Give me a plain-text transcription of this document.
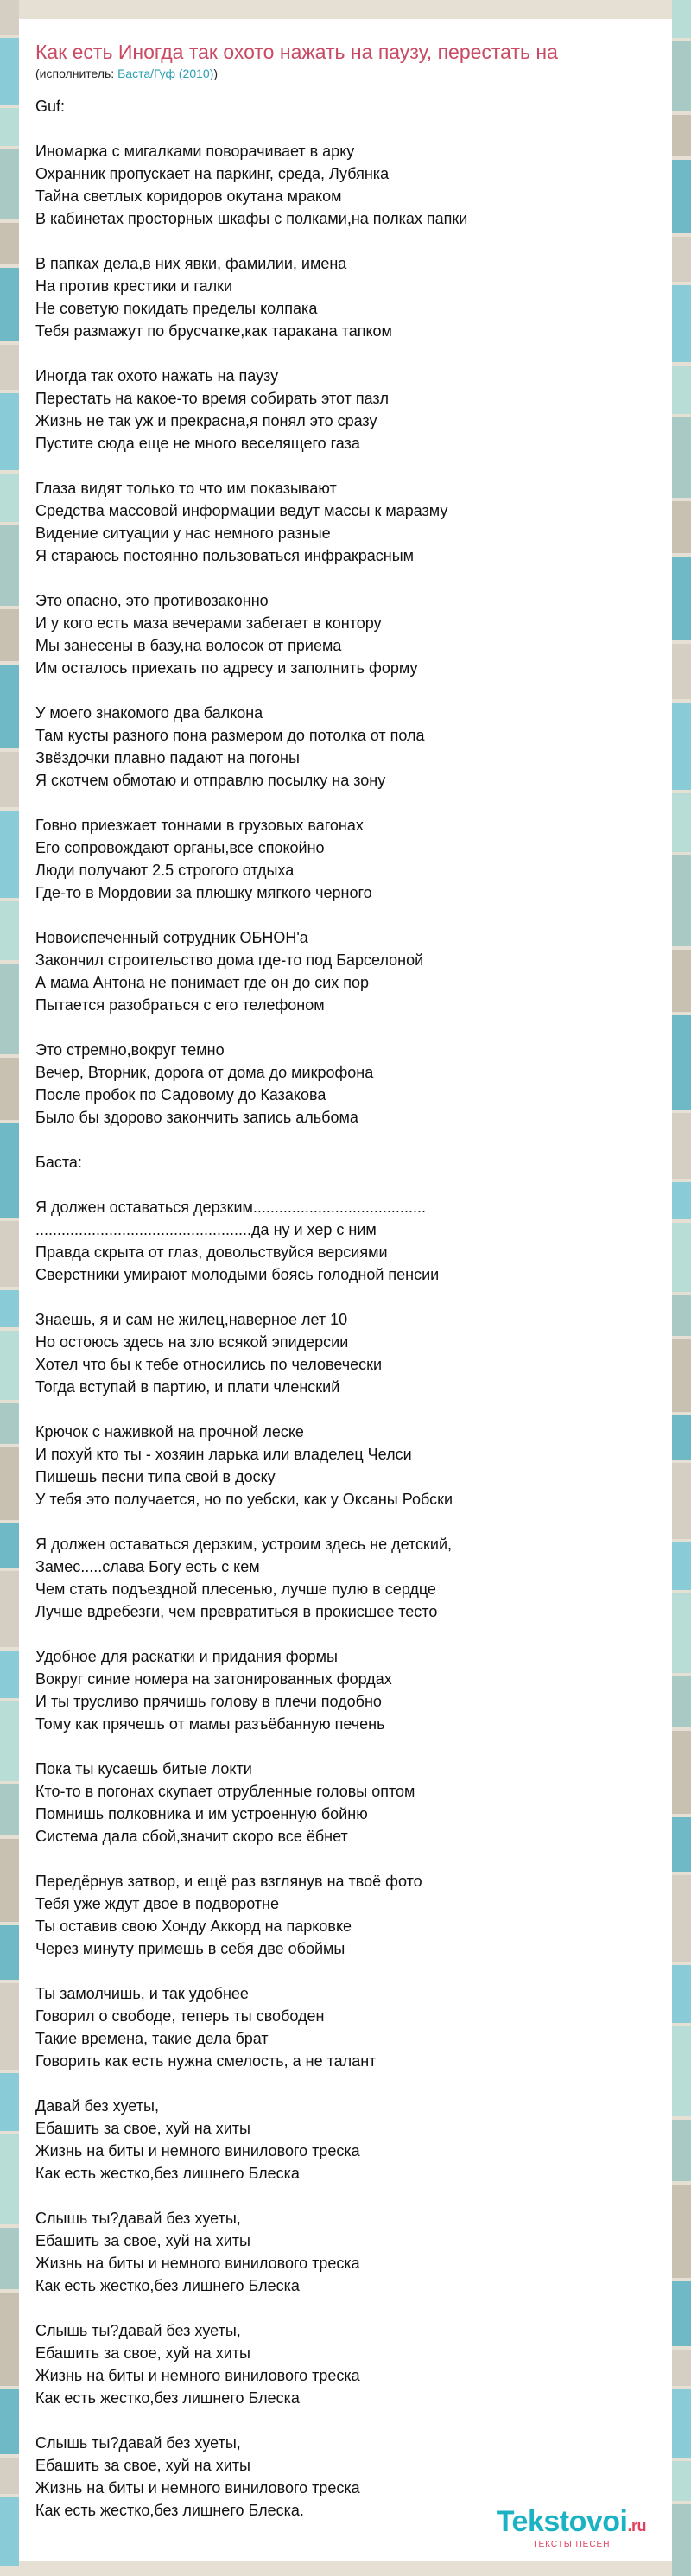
Как есть Иногда так охото нажать на паузу, перестать на
(исполнитель: Баста/Гуф (2010))
Guf:
Иномарка с мигалками поворачивает в арку
Охранник пропускает на паркинг, среда, Лубянка
Тайна светлых коридоров окутана мраком
В кабинетах просторных шкафы с полками,на полках папки
В папках дела,в них явки, фамилии, имена
На против крестики и галки
Не советую покидать пределы колпака
Тебя размажут по брусчатке,как таракана тапком
Иногда так охото нажать на паузу
Перестать на какое-то время собирать этот пазл
Жизнь не так уж и прекрасна,я понял это сразу
Пустите сюда еще не много веселящего газа
Глаза видят только то что им показывают
Средства массовой информации ведут массы к маразму
Видение ситуации у нас немного разные
Я стараюсь постоянно пользоваться инфракрасным
Это опасно, это противозаконно
И у кого есть маза вечерами забегает в контору
Мы занесены в базу,на волосок от приема
Им осталось приехать по адресу и заполнить форму
У моего знакомого два балкона
Там кусты разного пона размером до потолка от пола
Звёздочки плавно падают на погоны
Я скотчем обмотаю и отправлю посылку на зону
Говно приезжает тоннами в грузовых вагонах
Его сопровождают органы,все спокойно
Люди получают 2.5 строгого отдыха
Где-то в Мордовии за плюшку мягкого черного
Новоиспеченный сотрудник ОБНОН'а
Закончил строительство дома где-то под Барселоной
А мама Антона не понимает где он до сих пор
Пытается разобраться с его телефоном
Это стремно,вокруг темно
Вечер, Вторник, дорога от дома до микрофона
После пробок по Садовому до Казакова
Было бы здорово закончить запись альбома
Баста:
Я должен оставаться дерзким........................................
..................................................да ну и хер с ним
Правда скрыта от глаз, довольствуйся версиями
Сверстники умирают молодыми боясь голодной пенсии
Знаешь, я и сам не жилец,наверное лет 10
Но остоюсь здесь на зло всякой эпидерсии
Хотел что бы к тебе относились по человечески
Тогда вступай в партию, и плати членский
Крючок с наживкой на прочной леске
И похуй кто ты - хозяин ларька или владелец Челси
Пишешь песни типа свой в доску
У тебя это получается, но по уебски, как у Оксаны Робски
Я должен оставаться дерзким, устроим здесь не детский,
Замес.....слава Богу есть с кем
Чем стать подъездной плесенью, лучше пулю в сердце
Лучше вдребезги, чем превратиться в прокисшее тесто
Удобное для раскатки и придания формы
Вокруг синие номера на затонированных фордах
И ты трусливо прячишь голову в плечи подобно
Тому как прячешь от мамы разъёбанную печень
Пока ты кусаешь битые локти
Кто-то в погонах скупает отрубленные головы оптом
Помнишь полковника и им устроенную бойню
Система дала сбой,значит скоро все ёбнет
Передёрнув затвор, и ещё раз взглянув на твоё фото
Тебя уже ждут двое в подворотне
Ты оставив свою Хонду Аккорд на парковке
Через минуту примешь в себя две обоймы
Ты замолчишь, и так удобнее
Говорил о свободе, теперь ты свободен
Такие времена, такие дела брат
Говорить как есть нужна смелость, а не талант
Давай без хуеты,
Ебашить за свое, хуй на хиты
Жизнь на биты и немного винилового треска
Как есть жестко,без лишнего Блеска
Слышь ты?давай без хуеты,
Ебашить за свое, хуй на хиты
Жизнь на биты и немного винилового треска
Как есть жестко,без лишнего Блеска
Слышь ты?давай без хуеты,
Ебашить за свое, хуй на хиты
Жизнь на биты и немного винилового треска
Как есть жестко,без лишнего Блеска
Слышь ты?давай без хуеты,
Ебашить за свое, хуй на хиты
Жизнь на биты и немного винилового треска
Как есть жестко,без лишнего Блеска.	Tekstovoi.ru
ТЕКСТЫ ПЕСЕН
